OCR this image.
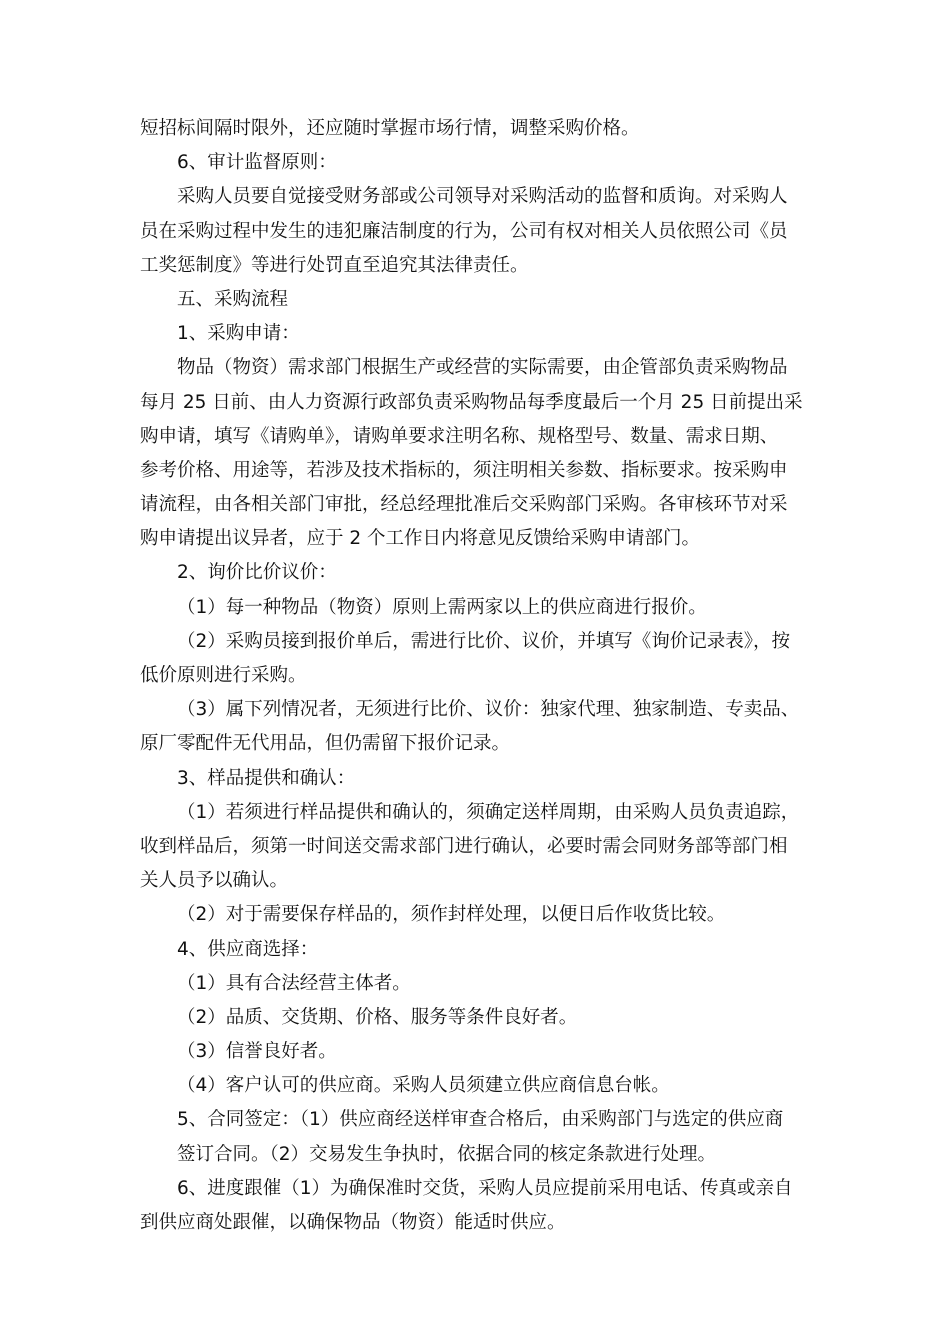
短招标间隔时限外，还应随时掌握市场行情，调整采购价格。
6、审计监督原则：
采购人员要自觉接受财务部或公司领导对采购活动的监督和质询。对采购人
员在采购过程中发生的违犯廉洁制度的行为，公司有权对相关人员依照公司《员
工奖惩制度》等进行处罚直至追究其法律责任。
五、采购流程
1、采购申请：
物品（物资）需求部门根据生产或经营的实际需要，由企管部负责采购物品
每月 25 日前、由人力资源行政部负责采购物品每季度最后一个月 25 日前提出采
购申请，填写《请购单》，请购单要求注明名称、规格型号、数量、需求日期、
参考价格、用途等，若涉及技术指标的，须注明相关参数、指标要求。按采购申
请流程，由各相关部门审批，经总经理批准后交采购部门采购。各审核环节对采
购申请提出议异者，应于 2 个工作日内将意见反馈给采购申请部门。
2、询价比价议价：
（1）每一种物品（物资）原则上需两家以上的供应商进行报价。
（2）采购员接到报价单后，需进行比价、议价，并填写《询价记录表》，按
低价原则进行采购。
（3）属下列情况者，无须进行比价、议价：独家代理、独家制造、专卖品、
原厂零配件无代用品，但仍需留下报价记录。
3、样品提供和确认：
（1）若须进行样品提供和确认的，须确定送样周期，由采购人员负责追踪，
收到样品后，须第一时间送交需求部门进行确认，必要时需会同财务部等部门相
关人员予以确认。
（2）对于需要保存样品的，须作封样处理，以便日后作收货比较。
4、供应商选择：
（1）具有合法经营主体者。
（2）品质、交货期、价格、服务等条件良好者。
（3）信誉良好者。
（4）客户认可的供应商。采购人员须建立供应商信息台帐。
5、合同签定：（1）供应商经送样审查合格后，由采购部门与选定的供应商
签订合同。（2）交易发生争执时，依据合同的核定条款进行处理。
6、进度跟催（1）为确保准时交货，采购人员应提前采用电话、传真或亲自
到供应商处跟催，以确保物品（物资）能适时供应。
